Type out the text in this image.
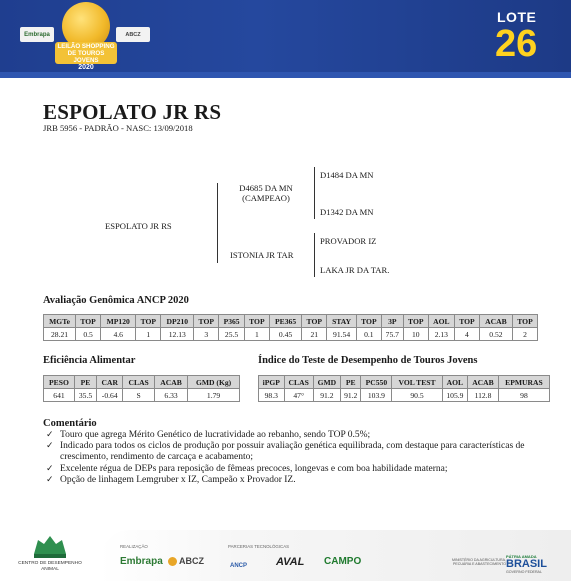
Embrapa
LEILÃO SHOPPING
DE TOUROS JOVENS
2020
ABCZ
LOTE
26
ESPOLATO JR RS
JRB 5956 - PADRÃO - NASC: 13/09/2018
ESPOLATO JR RS
D4685 DA MN
(CAMPEAO)
ISTONIA JR TAR
D1484 DA MN
D1342 DA MN
PROVADOR IZ
LAKA JR DA TAR.
Avaliação Genômica ANCP 2020
MGTe	TOP	MP120	TOP	DP210	TOP	P365	TOP	PE365	TOP	STAY	TOP	3P	TOP	AOL	TOP	ACAB	TOP
28.21	0.5	4.6	1	12.13	3	25.5	1	0.45	21	91.54	0.1	75.7	10	2.13	4	0.52	2
Eficiência Alimentar
PESO	PE	CAR	CLAS	ACAB	GMD (Kg)
641	35.5	-0.64	S	6.33	1.79
Índice do Teste de Desempenho de Touros Jovens
iPGP	CLAS	GMD	PE	PC550	VOL TEST	AOL	ACAB	EPMURAS
98.3	47°	91.2	91.2	103.9	90.5	105.9	112.8	98
Comentário
✓ Touro que agrega Mérito Genético de lucratividade ao rebanho, sendo TOP 0.5%;
✓ Indicado para todos os ciclos de produção por possuir avaliação genética equilibrada, com destaque para características de crescimento, rendimento de carcaça e acabamento;
✓ Excelente régua de DEPs para reposição de fêmeas precoces, longevas e com boa habilidade materna;
✓ Opção de linhagem Lemgruber x IZ, Campeão x Provador IZ.
CENTRO DE DESEMPENHO ANIMAL
REALIZAÇÃO
Embrapa	ABCZ
PARCERIAS TECNOLÓGICAS
ANCP	AVAL CAMPO	MINISTÉRIO DA AGRICULTURA, PECUÁRIA E ABASTECIMENTO
PÁTRIA AMADA
BRASIL
GOVERNO FEDERAL
